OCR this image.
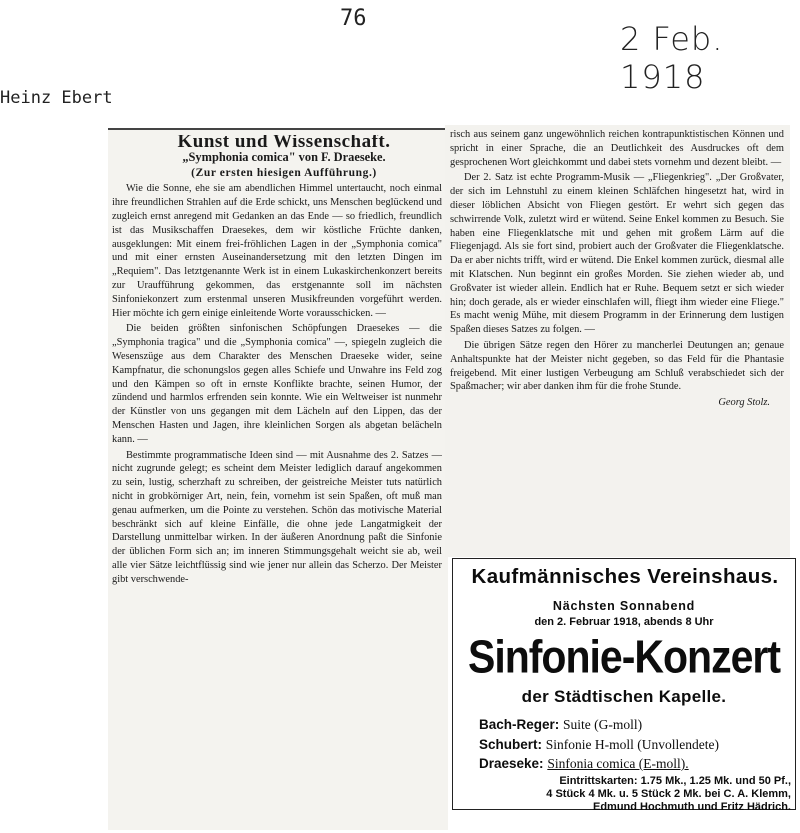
76
2 Feb. 1918
Heinz Ebert

Kunst und Wissenschaft.

„Symphonia comica" von F. Draeseke.

(Zur ersten hiesigen Aufführung.)

Wie die Sonne, ehe sie am abendlichen Himmel untertaucht, noch einmal ihre freundlichen Strahlen auf die Erde schickt, uns Menschen beglückend und zugleich ernst anregend mit Gedanken an das Ende — so friedlich, freundlich ist das Musikschaffen Draesekes, dem wir köstliche Früchte danken, ausgeklungen: Mit einem frei-fröhlichen Lagen in der „Symphonia comica" und mit einer ernsten Auseinandersetzung mit den letzten Dingen im „Requiem". Das letztgenannte Werk ist in einem Lukaskirchenkonzert bereits zur Uraufführung gekommen, das erstgenannte soll im nächsten Sinfoniekonzert zum erstenmal unseren Musikfreunden vorgeführt werden. Hier möchte ich gern einige einleitende Worte vorausschicken. —

Die beiden größten sinfonischen Schöpfungen Draesekes — die „Symphonia tragica" und die „Symphonia comica" —, spiegeln zugleich die Wesenszüge aus dem Charakter des Menschen Draeseke wider, seine Kampfnatur, die schonungslos gegen alles Schiefe und Unwahre ins Feld zog und den Kämpen so oft in ernste Konflikte brachte, seinen Humor, der zündend und harmlos erfrenden sein konnte. Wie ein Weltweiser ist nunmehr der Künstler von uns gegangen mit dem Lächeln auf den Lippen, das der Menschen Hasten und Jagen, ihre kleinlichen Sorgen als abgetan belächeln kann. —

Bestimmte programmatische Ideen sind — mit Ausnahme des 2. Satzes — nicht zugrunde gelegt; es scheint dem Meister lediglich darauf angekommen zu sein, lustig, scherzhaft zu schreiben, der geistreiche Meister tuts natürlich nicht in grobkörniger Art, nein, fein, vornehm ist sein Spaßen, oft muß man genau aufmerken, um die Pointe zu verstehen. Schön das motivische Material beschränkt sich auf kleine Einfälle, die ohne jede Langatmigkeit der Darstellung unmittelbar wirken. In der äußeren Anordnung paßt die Sinfonie der üblichen Form sich an; im inneren Stimmungsgehalt weicht sie ab, weil alle vier Sätze leichtflüssig sind wie jener nur allein das Scherzo. Der Meister gibt verschwende-

risch aus seinem ganz ungewöhnlich reichen kontrapunktistischen Können und spricht in einer Sprache, die an Deutlichkeit des Ausdruckes oft dem gesprochenen Wort gleichkommt und dabei stets vornehm und dezent bleibt. —

Der 2. Satz ist echte Programm-Musik — „Fliegenkrieg". „Der Großvater, der sich im Lehnstuhl zu einem kleinen Schläfchen hingesetzt hat, wird in dieser löblichen Absicht von Fliegen gestört. Er wehrt sich gegen das schwirrende Volk, zuletzt wird er wütend. Seine Enkel kommen zu Besuch. Sie haben eine Fliegenklatsche mit und gehen mit großem Lärm auf die Fliegenjagd. Als sie fort sind, probiert auch der Großvater die Fliegenklatsche. Da er aber nichts trifft, wird er wütend. Die Enkel kommen zurück, diesmal alle mit Klatschen. Nun beginnt ein großes Morden. Sie ziehen wieder ab, und Großvater ist wieder allein. Endlich hat er Ruhe. Bequem setzt er sich wieder hin; doch gerade, als er wieder einschlafen will, fliegt ihm wieder eine Fliege." Es macht wenig Mühe, mit diesem Programm in der Erinnerung dem lustigen Spaßen dieses Satzes zu folgen. —

Die übrigen Sätze regen den Hörer zu mancherlei Deutungen an; genaue Anhaltspunkte hat der Meister nicht gegeben, so das Feld für die Phantasie freigebend. Mit einer lustigen Verbeugung am Schluß verabschiedet sich der Spaßmacher; wir aber danken ihm für die frohe Stunde.

Georg Stolz.

Kaufmännisches Vereinshaus.
Nächsten Sonnabend
den 2. Februar 1918, abends 8 Uhr
Sinfonie-Konzert
der Städtischen Kapelle.
Bach-Reger: Suite (G-moll)
Schubert: Sinfonie H-moll (Unvollendete)
Draeseke: Sinfonia comica (E-moll).
Eintrittskarten: 1.75 Mk., 1.25 Mk. und 50 Pf.,
4 Stück 4 Mk. u. 5 Stück 2 Mk. bei C. A. Klemm,
Edmund Hochmuth und Fritz Hädrich.
